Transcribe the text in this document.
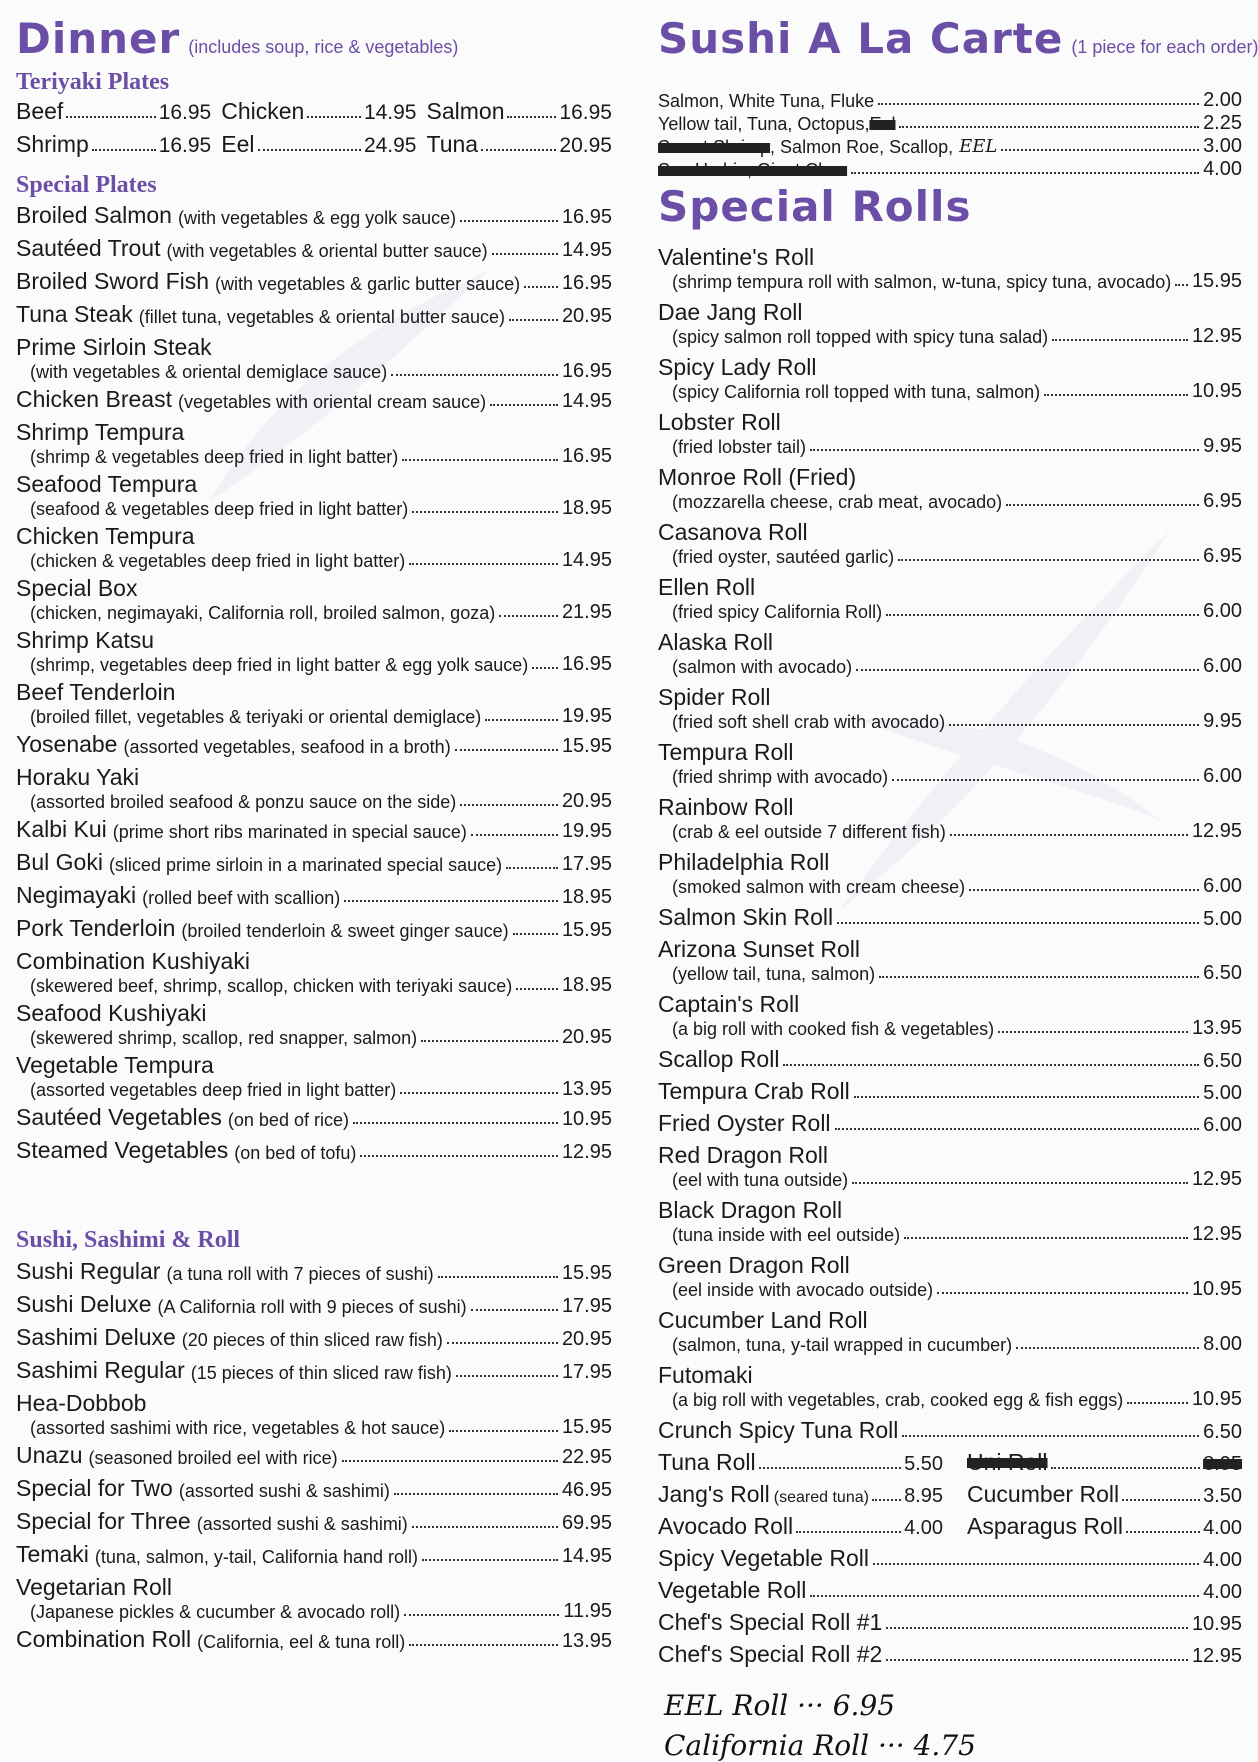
Dinner (includes soup, rice & vegetables)
Teriyaki Plates
Beef	16.95 Chicken	14.95 Salmon	16.95
Shrimp	16.95 Eel	24.95 Tuna	20.95
Special Plates
Broiled Salmon (with vegetables & egg yolk sauce)	16.95
Sautéed Trout (with vegetables & oriental butter sauce)	14.95
Broiled Sword Fish (with vegetables & garlic butter sauce) 16.95
Tuna Steak (fillet tuna, vegetables & oriental butter sauce)	20.95
Prime Sirloin Steak
(with vegetables & oriental demiglace sauce)	16.95
Chicken Breast (vegetables with oriental cream sauce)	14.95
Shrimp Tempura
(shrimp & vegetables deep fried in light batter)	16.95
Seafood Tempura
(seafood & vegetables deep fried in light batter)	18.95
Chicken Tempura
(chicken & vegetables deep fried in light batter)	14.95
Special Box
(chicken, negimayaki, California roll, broiled salmon, goza)	21.95
Shrimp Katsu
(shrimp, vegetables deep fried in light batter & egg yolk sauce) 16.95
Beef Tenderloin
(broiled fillet, vegetables & teriyaki or oriental demiglace)	19.95
Yosenabe (assorted vegetables, seafood in a broth)	15.95
Horaku Yaki
(assorted broiled seafood & ponzu sauce on the side)	20.95
Kalbi Kui (prime short ribs marinated in special sauce)	19.95
Bul Goki (sliced prime sirloin in a marinated special sauce)	17.95
Negimayaki (rolled beef with scallion)	18.95
Pork Tenderloin (broiled tenderloin & sweet ginger sauce)	15.95
Combination Kushiyaki
(skewered beef, shrimp, scallop, chicken with teriyaki sauce) 18.95
Seafood Kushiyaki
(skewered shrimp, scallop, red snapper, salmon)	20.95
Vegetable Tempura
(assorted vegetables deep fried in light batter)	13.95
Sautéed Vegetables (on bed of rice)	10.95
Steamed Vegetables (on bed of tofu)	12.95
Sushi, Sashimi & Roll
Sushi Regular (a tuna roll with 7 pieces of sushi)	15.95
Sushi Deluxe (A California roll with 9 pieces of sushi)	17.95
Sashimi Deluxe (20 pieces of thin sliced raw fish)	20.95
Sashimi Regular (15 pieces of thin sliced raw fish)	17.95
Hea-Dobbob
(assorted sashimi with rice, vegetables & hot sauce)	15.95
Unazu (seasoned broiled eel with rice)	22.95
Special for Two (assorted sushi & sashimi)	46.95
Special for Three (assorted sushi & sashimi)	69.95
Temaki (tuna, salmon, y-tail, California hand roll)	14.95
Vegetarian Roll
(Japanese pickles & cucumber & avocado roll)	11.95
Combination Roll (California, eel & tuna roll)	13.95
Sushi A La Carte (1 piece for each order)
Salmon, White Tuna, Fluke	2.00
Yellow tail, Tuna, Octopus, Eel	2.25
Sweet Shrimp , Salmon Roe, Scallop, EEL	3.00
Sea Urchin, Giant Clam	4.00
Special Rolls
Valentine's Roll
(shrimp tempura roll with salmon, w-tuna, spicy tuna, avocado) 15.95
Dae Jang Roll
(spicy salmon roll topped with spicy tuna salad)	12.95
Spicy Lady Roll
(spicy California roll topped with tuna, salmon)	10.95
Lobster Roll
(fried lobster tail)	9.95
Monroe Roll (Fried)
(mozzarella cheese, crab meat, avocado)	6.95
Casanova Roll
(fried oyster, sautéed garlic)	6.95
Ellen Roll
(fried spicy California Roll)	6.00
Alaska Roll
(salmon with avocado)	6.00
Spider Roll
(fried soft shell crab with avocado)	9.95
Tempura Roll
(fried shrimp with avocado)	6.00
Rainbow Roll
(crab & eel outside 7 different fish)	12.95
Philadelphia Roll
(smoked salmon with cream cheese)	6.00
Salmon Skin Roll	5.00
Arizona Sunset Roll
(yellow tail, tuna, salmon)	6.50
Captain's Roll
(a big roll with cooked fish & vegetables)	13.95
Scallop Roll	6.50
Tempura Crab Roll	5.00
Fried Oyster Roll	6.00
Red Dragon Roll
(eel with tuna outside)	12.95
Black Dragon Roll
(tuna inside with eel outside)	12.95
Green Dragon Roll
(eel inside with avocado outside)	10.95
Cucumber Land Roll
(salmon, tuna, y-tail wrapped in cucumber)	8.00
Futomaki
(a big roll with vegetables, crab, cooked egg & fish eggs)	10.95
Crunch Spicy Tuna Roll	6.50
Tuna Roll	5.50 Uni Roll	8.95
Jang's Roll (seared tuna) 8.95 Cucumber Roll	3.50
Avocado Roll	4.00 Asparagus Roll	4.00
Spicy Vegetable Roll	4.00
Vegetable Roll	4.00
Chef's Special Roll #1	10.95
Chef's Special Roll #2	12.95
EEL Roll ··· 6.95
California Roll ··· 4.75
